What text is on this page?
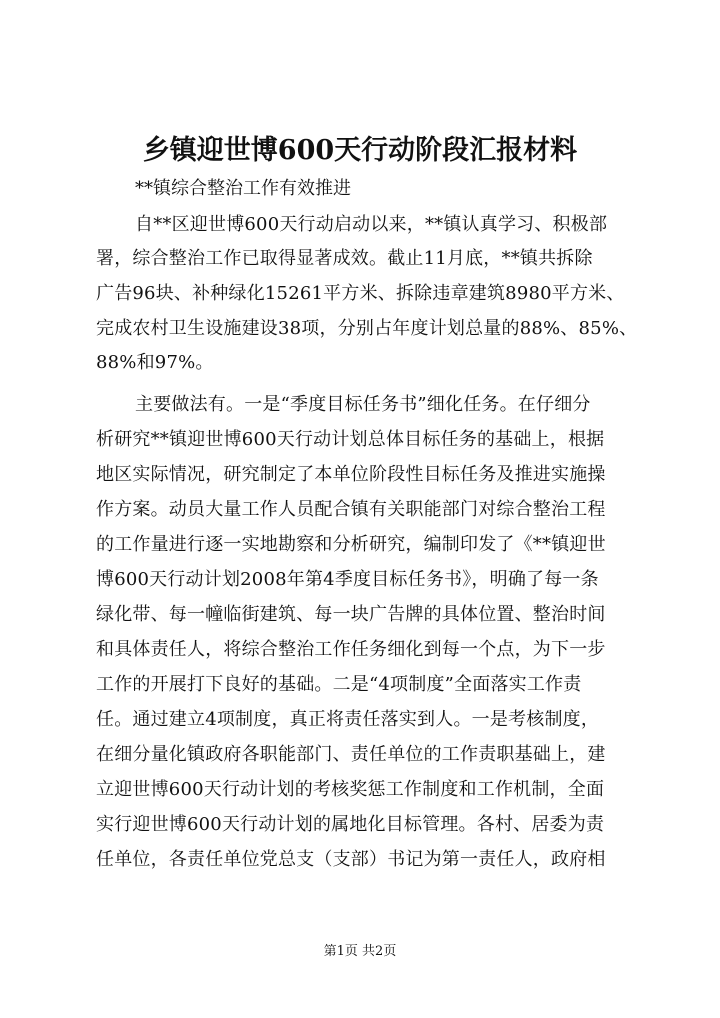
乡镇迎世博600天行动阶段汇报材料
**镇综合整治工作有效推进
自**区迎世博600天行动启动以来，**镇认真学习、积极部
署，综合整治工作已取得显著成效。截止11月底，**镇共拆除
广告96块、补种绿化15261平方米、拆除违章建筑8980平方米、
完成农村卫生设施建设38项，分别占年度计划总量的88%、85%、
88%和97%。
主要做法有。一是“季度目标任务书”细化任务。在仔细分
析研究**镇迎世博600天行动计划总体目标任务的基础上，根据
地区实际情况，研究制定了本单位阶段性目标任务及推进实施操
作方案。动员大量工作人员配合镇有关职能部门对综合整治工程
的工作量进行逐一实地勘察和分析研究，编制印发了《**镇迎世
博600天行动计划2008年第4季度目标任务书》，明确了每一条
绿化带、每一幢临街建筑、每一块广告牌的具体位置、整治时间
和具体责任人，将综合整治工作任务细化到每一个点，为下一步
工作的开展打下良好的基础。二是“4项制度”全面落实工作责
任。通过建立4项制度，真正将责任落实到人。一是考核制度，
在细分量化镇政府各职能部门、责任单位的工作责职基础上，建
立迎世博600天行动计划的考核奖惩工作制度和工作机制，全面
实行迎世博600天行动计划的属地化目标管理。各村、居委为责
任单位，各责任单位党总支（支部）书记为第一责任人，政府相
第1页 共2页
